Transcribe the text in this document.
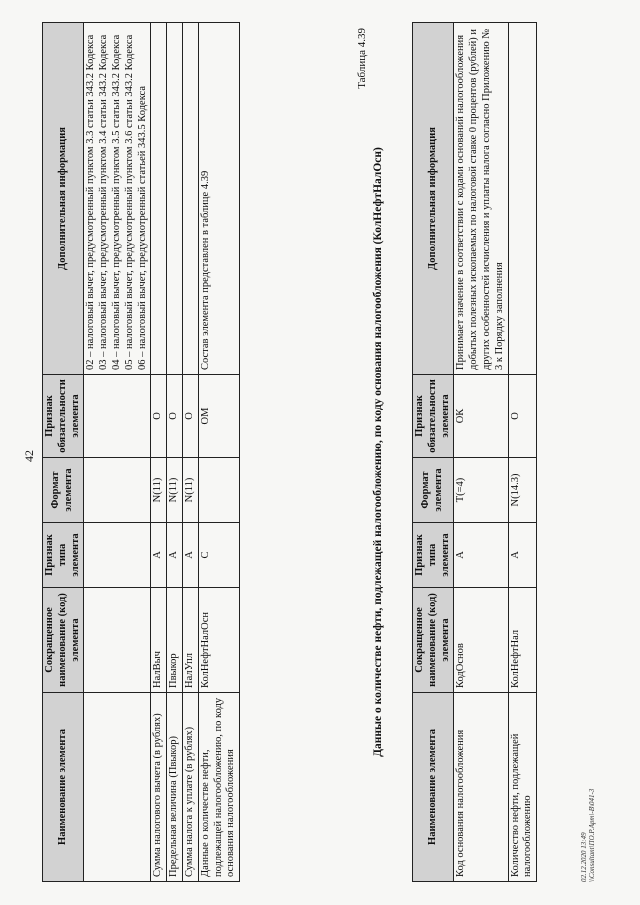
42
Наименование элемента	Сокращенное наименование (код) элемента	Признак типа элемента	Формат элемента	Признак обязательности элемента	Дополнительная информация

					02 – налоговый вычет, предусмотренный пунктом 3.3 статьи 343.2 Кодекса 03 – налоговый вычет, предусмотренный пунктом 3.4 статьи 343.2 Кодекса 04 – налоговый вычет, предусмотренный пунктом 3.5 статьи 343.2 Кодекса 05 – налоговый вычет, предусмотренный пунктом 3.6 статьи 343.2 Кодекса 06 – налоговый вычет, предусмотренный статьей 343.5 Кодекса

Сумма налогового вычета (в рублях)	НалВыч	А	N(11)	О	
Предельная величина (Пвыкор)	Пвыкор	А	N(11)	О	
Сумма налога к уплате (в рублях)	НалУпл	А	N(11)	О	
Данные о количестве нефти, подлежащей налогообложению, по коду основания налогообложения	КолНефтНалОсн	С		ОМ	Состав элемента представлен в таблице 4.39
Таблица 4.39
Данные о количестве нефти, подлежащей налогообложению, по коду основания налогообложения (КолНефтНалОсн)
Наименование элемента	Сокращенное наименование (код) элемента	Признак типа элемента	Формат элемента	Признак обязательности элемента	Дополнительная информация
Код основания налогообложения	КодОснов	А	Т(=4)	ОК	Принимает значение в соответствии с кодами оснований налогообложения добытых полезных ископаемых по налоговой ставке 0 процентов (рублей) и других особенностей исчисления и уплаты налога согласно Приложению № 3 к Порядку заполнения
Количество нефти, подлежащей налогообложению	КолНефтНал	А	N(14.3)	О	
02.12.2020 13:49 \\Consultant\ПО.Р.Арт\-В\041-3
